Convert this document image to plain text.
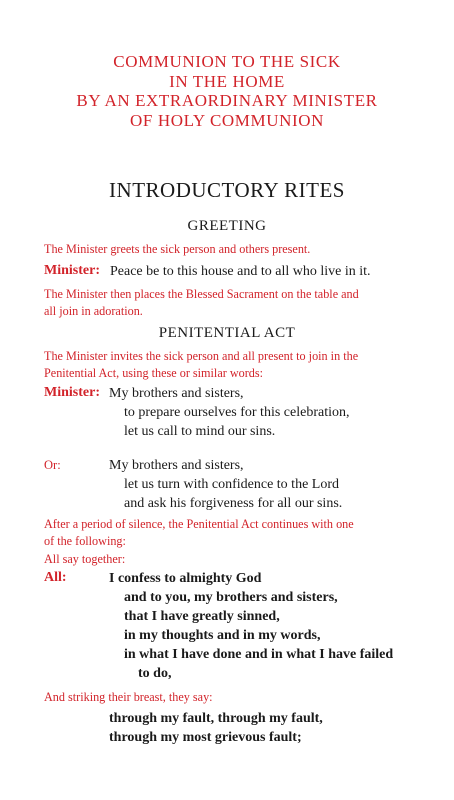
COMMUNION TO THE SICK
IN THE HOME
BY AN EXTRAORDINARY MINISTER
OF HOLY COMMUNION
INTRODUCTORY RITES
GREETING
The Minister greets the sick person and others present.
Minister: Peace be to this house and to all who live in it.
The Minister then places the Blessed Sacrament on the table and
all join in adoration.
PENITENTIAL ACT
The Minister invites the sick person and all present to join in the
Penitential Act, using these or similar words:
Minister: My brothers and sisters,
to prepare ourselves for this celebration,
let us call to mind our sins.
Or:	My brothers and sisters,
let us turn with confidence to the Lord
and ask his forgiveness for all our sins.
After a period of silence, the Penitential Act continues with one
of the following:
All say together:
All:	I confess to almighty God
and to you, my brothers and sisters,
that I have greatly sinned,
in my thoughts and in my words,
in what I have done and in what I have failed
to do,
And striking their breast, they say:
through my fault, through my fault,
through my most grievous fault;
